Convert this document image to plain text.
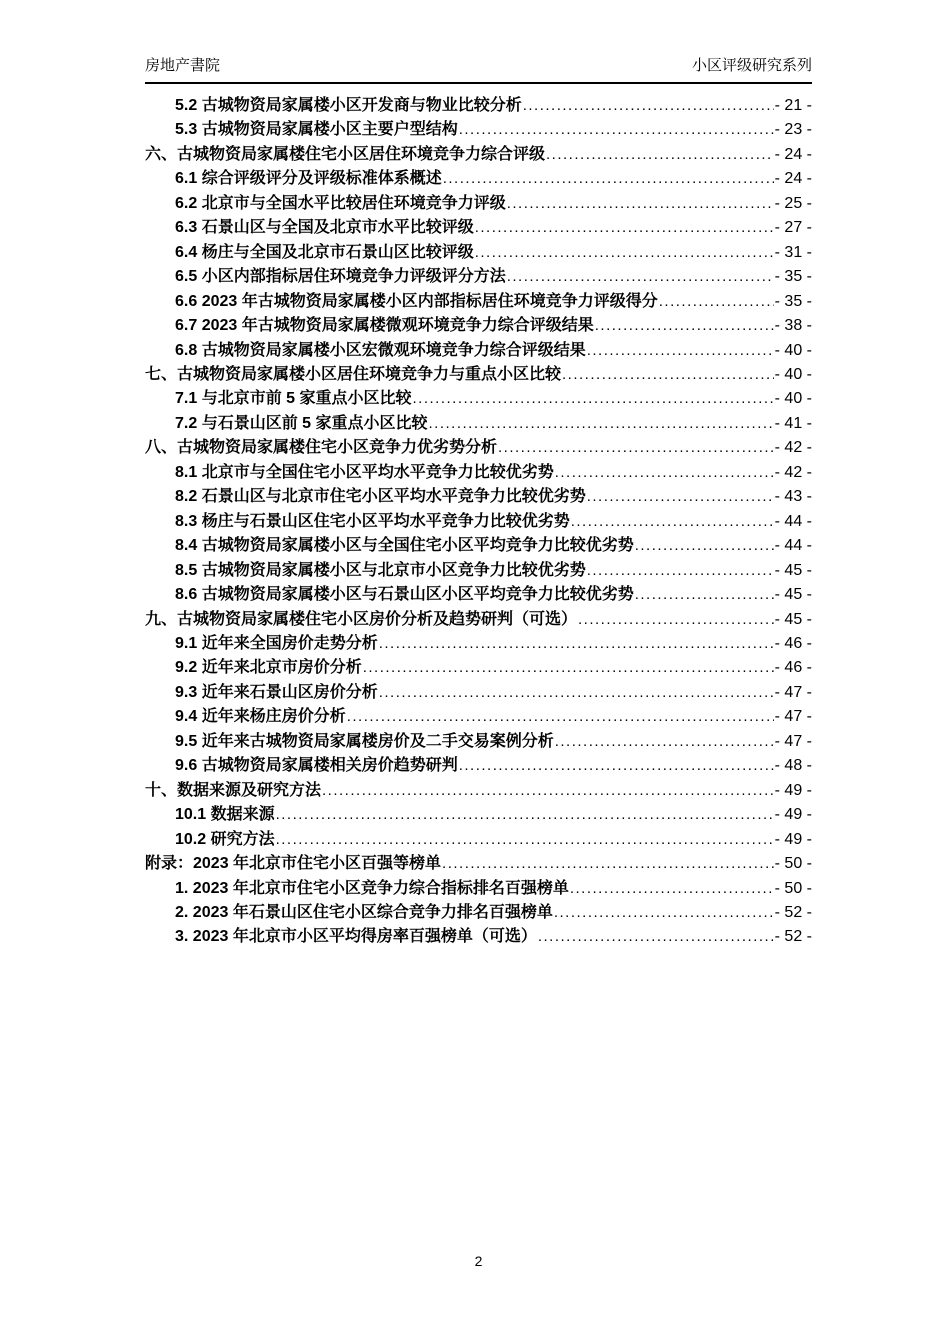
房地产書院	小区评级研究系列
5.2 古城物资局家属楼小区开发商与物业比较分析 .....	- 21 -
5.3 古城物资局家属楼小区主要户型结构 .....	- 23 -
六、古城物资局家属楼住宅小区居住环境竞争力综合评级 .....	- 24 -
6.1 综合评级评分及评级标准体系概述 .....	- 24 -
6.2 北京市与全国水平比较居住环境竞争力评级 .....	- 25 -
6.3 石景山区与全国及北京市水平比较评级 .....	- 27 -
6.4 杨庄与全国及北京市石景山区比较评级 .....	- 31 -
6.5 小区内部指标居住环境竞争力评级评分方法 .....	- 35 -
6.6 2023 年古城物资局家属楼小区内部指标居住环境竞争力评级得分 .....	- 35 -
6.7 2023 年古城物资局家属楼微观环境竞争力综合评级结果 .....	- 38 -
6.8 古城物资局家属楼小区宏微观环境竞争力综合评级结果 .....	- 40 -
七、古城物资局家属楼小区居住环境竞争力与重点小区比较 .....	- 40 -
7.1 与北京市前 5 家重点小区比较 .....	- 40 -
7.2 与石景山区前 5 家重点小区比较 .....	- 41 -
八、古城物资局家属楼住宅小区竞争力优劣势分析 .....	- 42 -
8.1 北京市与全国住宅小区平均水平竞争力比较优劣势 .....	- 42 -
8.2 石景山区与北京市住宅小区平均水平竞争力比较优劣势 .....	- 43 -
8.3 杨庄与石景山区住宅小区平均水平竞争力比较优劣势 .....	- 44 -
8.4 古城物资局家属楼小区与全国住宅小区平均竞争力比较优劣势 .....	- 44 -
8.5 古城物资局家属楼小区与北京市小区竞争力比较优劣势 .....	- 45 -
8.6 古城物资局家属楼小区与石景山区小区平均竞争力比较优劣势 .....	- 45 -
九、古城物资局家属楼住宅小区房价分析及趋势研判（可选） .....	- 45 -
9.1 近年来全国房价走势分析 .....	- 46 -
9.2 近年来北京市房价分析 .....	- 46 -
9.3 近年来石景山区房价分析 .....	- 47 -
9.4 近年来杨庄房价分析 .....	- 47 -
9.5 近年来古城物资局家属楼房价及二手交易案例分析 .....	- 47 -
9.6 古城物资局家属楼相关房价趋势研判 .....	- 48 -
十、数据来源及研究方法 .....	- 49 -
10.1 数据来源 .....	- 49 -
10.2 研究方法 .....	- 49 -
附录：2023 年北京市住宅小区百强等榜单 .....	- 50 -
1. 2023 年北京市住宅小区竞争力综合指标排名百强榜单 .....	- 50 -
2. 2023 年石景山区住宅小区综合竞争力排名百强榜单 .....	- 52 -
3. 2023 年北京市小区平均得房率百强榜单（可选） .....	- 52 -
2
